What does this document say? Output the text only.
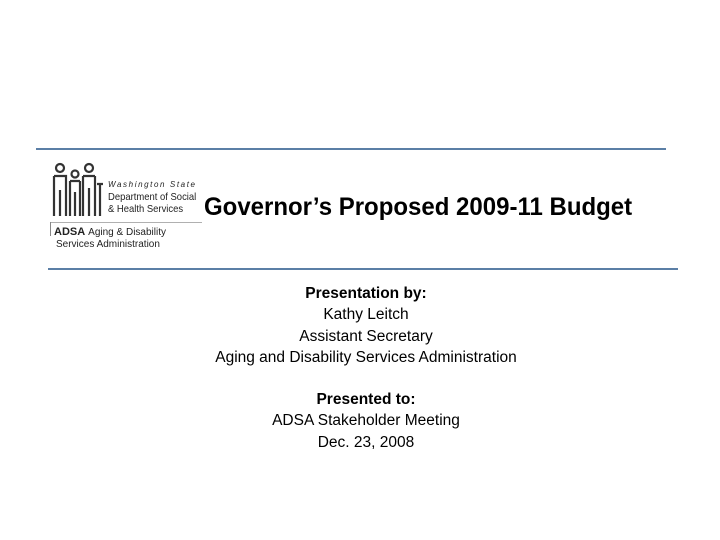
Washington State
Department of Social
& Health Services
ADSA Aging & Disability
Services Administration
Governor’s Proposed 2009-11 Budget
Presentation by:
Kathy Leitch
Assistant Secretary
Aging and Disability Services Administration
Presented to:
ADSA Stakeholder Meeting
Dec. 23, 2008
